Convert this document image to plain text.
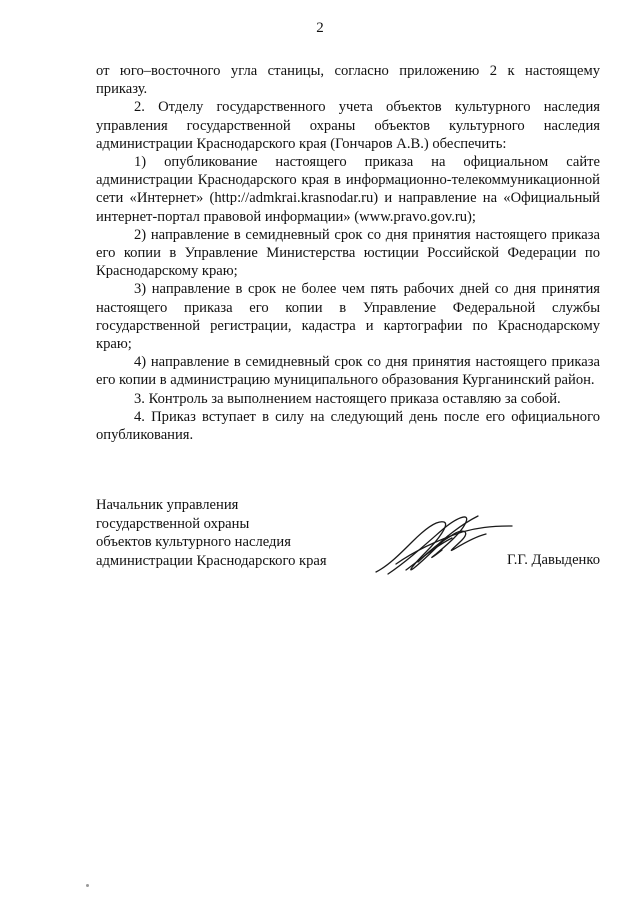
2

от юго–восточного угла станицы, согласно приложению 2 к настоящему приказу.

2. Отделу государственного учета объектов культурного наследия управления государственной охраны объектов культурного наследия администрации Краснодарского края (Гончаров А.В.) обеспечить:

1) опубликование настоящего приказа на официальном сайте администрации Краснодарского края в информационно-телекоммуникационной сети «Интернет» (http://admkrai.krasnodar.ru) и направление на «Официальный интернет-портал правовой информации» (www.pravo.gov.ru);

2) направление в семидневный срок со дня принятия настоящего приказа его копии в Управление Министерства юстиции Российской Федерации по Краснодарскому краю;

3) направление в срок не более чем пять рабочих дней со дня принятия настоящего приказа его копии в Управление Федеральной службы государственной регистрации, кадастра и картографии по Краснодарскому краю;

4) направление в семидневный срок со дня принятия настоящего приказа его копии в администрацию муниципального образования Курганинский район.

3. Контроль за выполнением настоящего приказа оставляю за собой.

4. Приказ вступает в силу на следующий день после его официального опубликования.

Начальник управления
государственной охраны
объектов культурного наследия
администрации Краснодарского края	Г.Г. Давыденко
